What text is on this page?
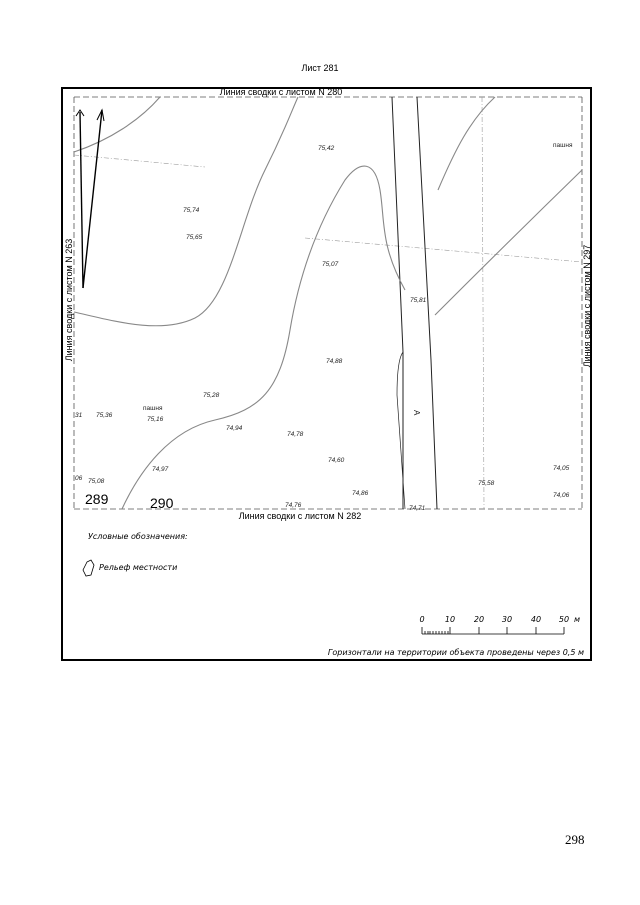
Лист 281
Линия сводки с листом N 280
Линия сводки с листом N 282
Линия сводки с листом N 263	Линия сводки с листом N 297
пашня
пашня
A
289	290
75,42
75,74
75,65
75,07
75,81
74,88
75,28
75,36
75,16
74,94
74,78
74,60
74,97
75,08
74,86
74,76	74,71
75,58
74,05
74,06
31
06
Условные обозначения:
Рельеф местности
0	10 20 30 40 50 м
Горизонтали на территории объекта проведены через 0,5 м
298
